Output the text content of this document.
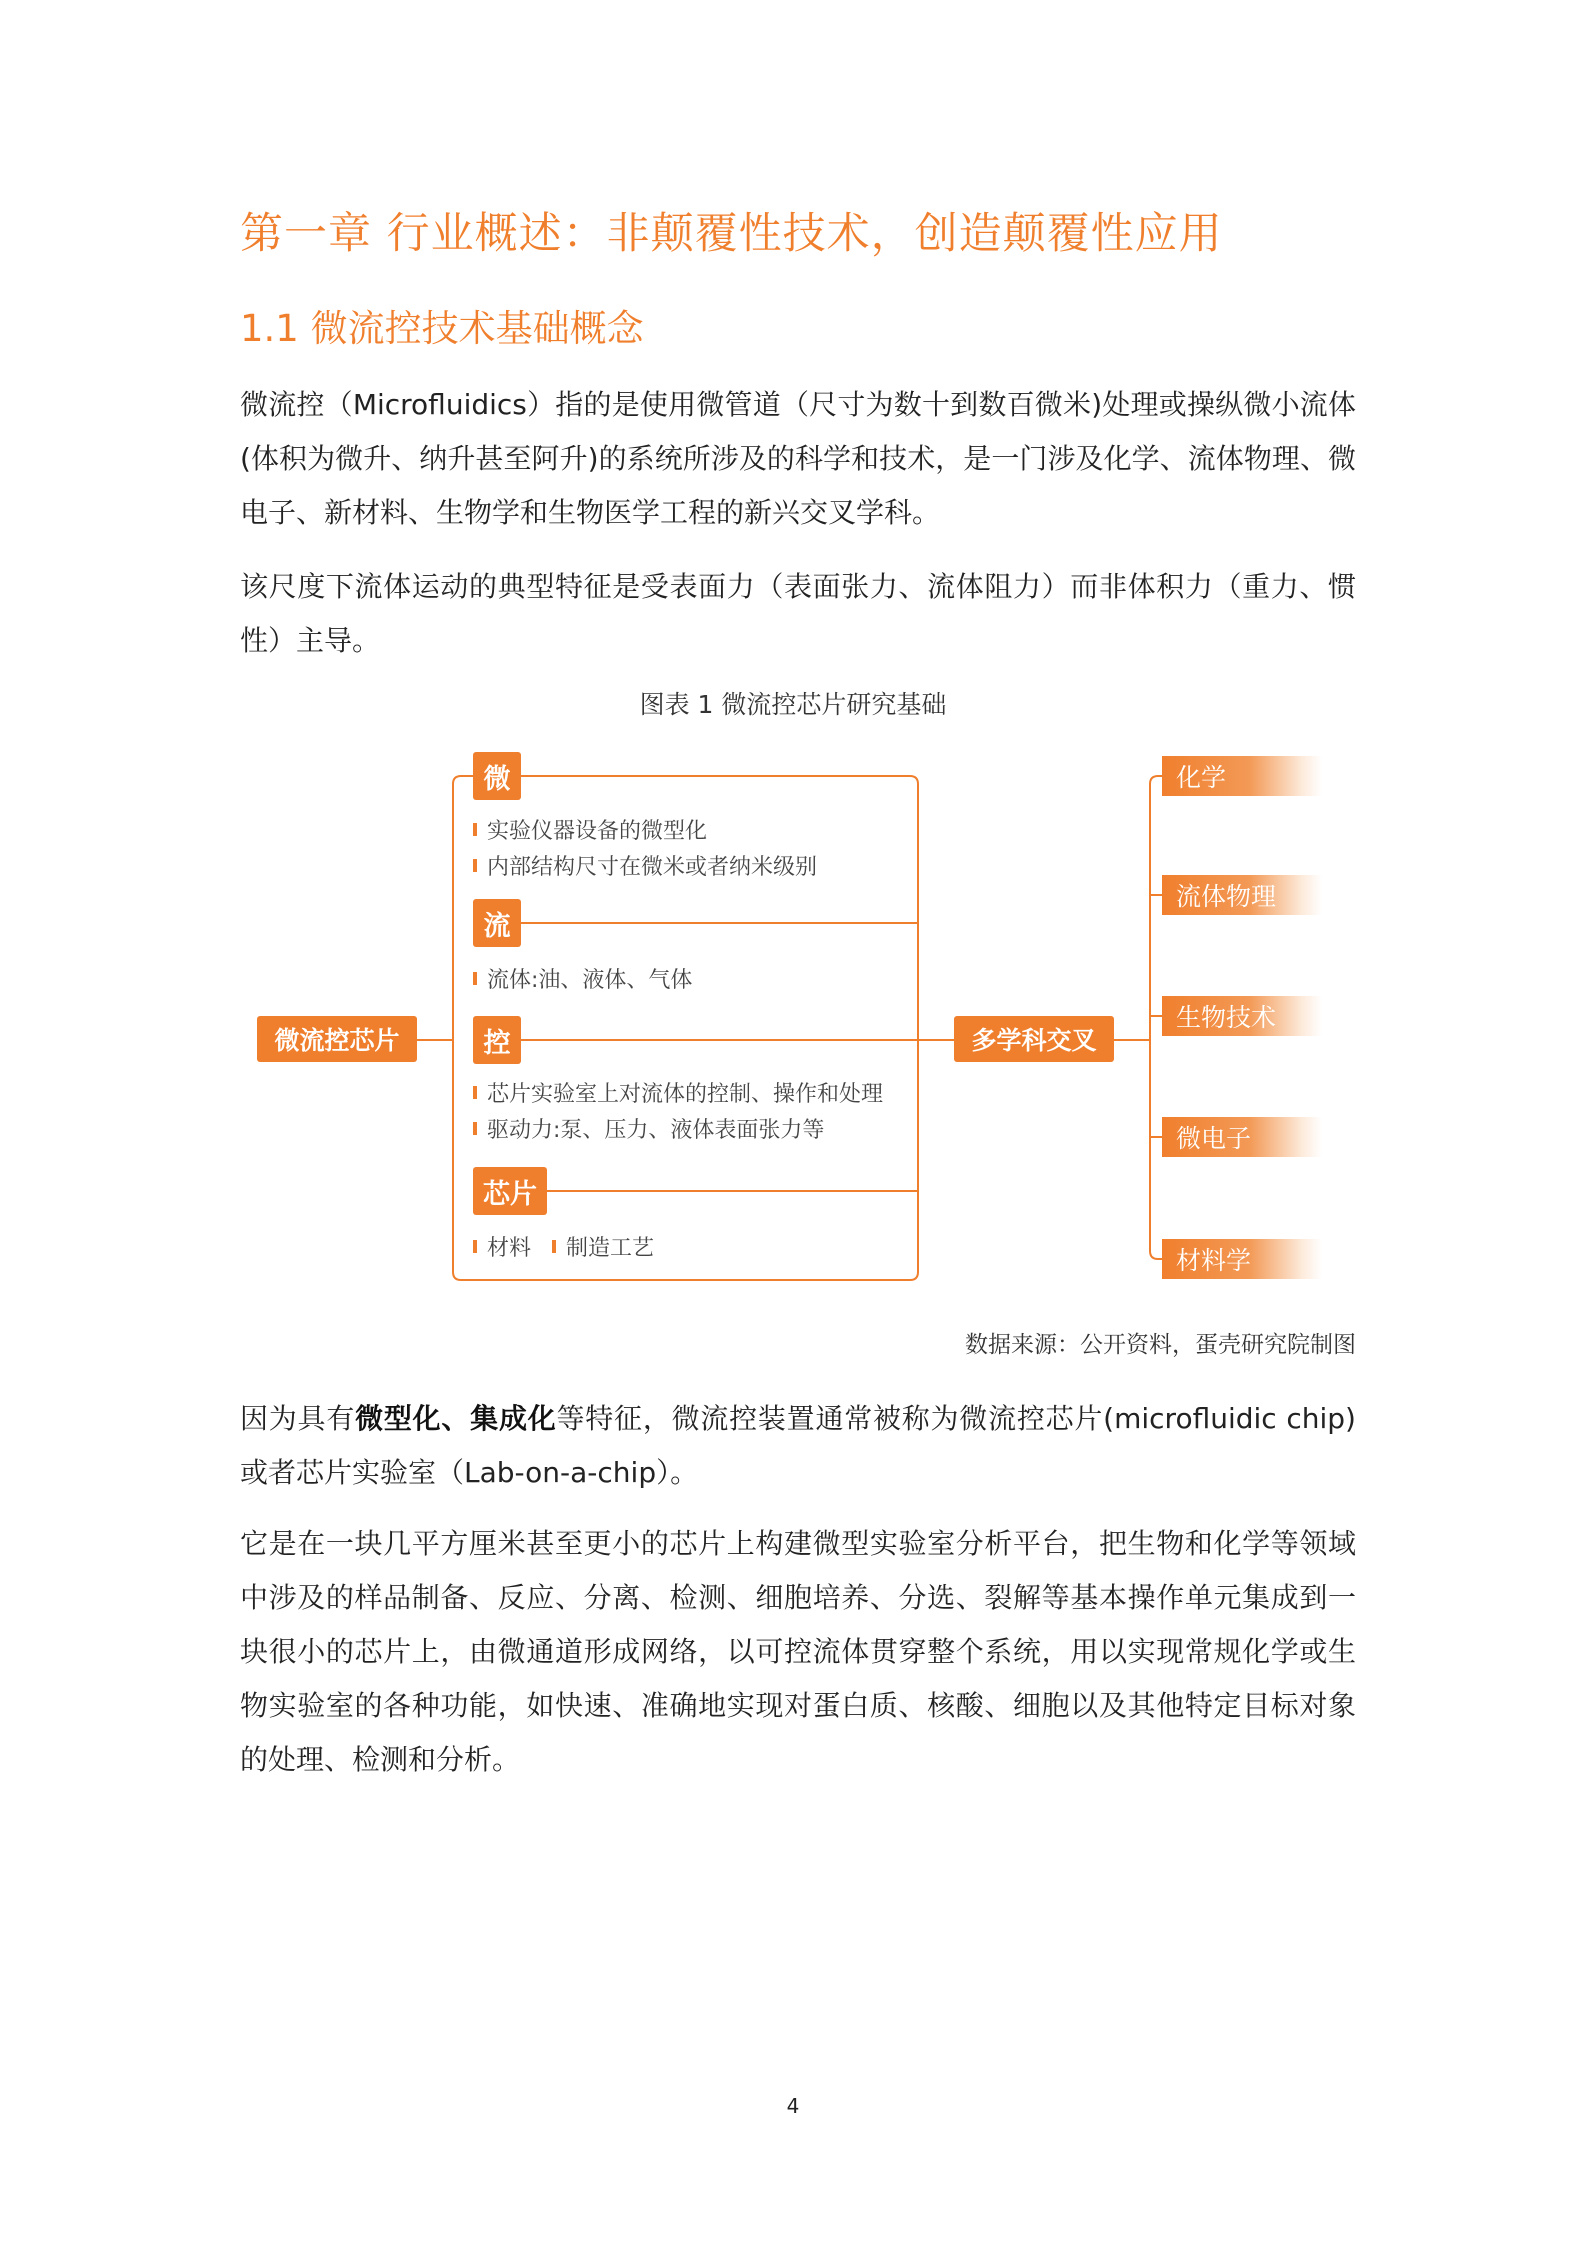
第一章 行业概述：非颠覆性技术，创造颠覆性应用
1.1 微流控技术基础概念
微流控（Microfluidics）指的是使用微管道（尺寸为数十到数百微米)处理或操纵微小流体(体积为微升、纳升甚至阿升)的系统所涉及的科学和技术，是一门涉及化学、流体物理、微电子、新材料、生物学和生物医学工程的新兴交叉学科。
该尺度下流体运动的典型特征是受表面力（表面张力、流体阻力）而非体积力（重力、惯性）主导。
图表 1 微流控芯片研究基础
微流控芯片	多学科交叉
微
实验仪器设备的微型化
内部结构尺寸在微米或者纳米级别
流
流体:油、液体、气体
控
芯片实验室上对流体的控制、操作和处理
驱动力:泵、压力、液体表面张力等
芯片
材料 制造工艺
化学
流体物理
生物技术
微电子
材料学
数据来源：公开资料，蛋壳研究院制图
因为具有微型化、集成化等特征，微流控装置通常被称为微流控芯片(microfluidic chip)或者芯片实验室（Lab-on-a-chip）。
它是在一块几平方厘米甚至更小的芯片上构建微型实验室分析平台，把生物和化学等领域中涉及的样品制备、反应、分离、检测、细胞培养、分选、裂解等基本操作单元集成到一块很小的芯片上，由微通道形成网络，以可控流体贯穿整个系统，用以实现常规化学或生物实验室的各种功能，如快速、准确地实现对蛋白质、核酸、细胞以及其他特定目标对象的处理、检测和分析。
4
